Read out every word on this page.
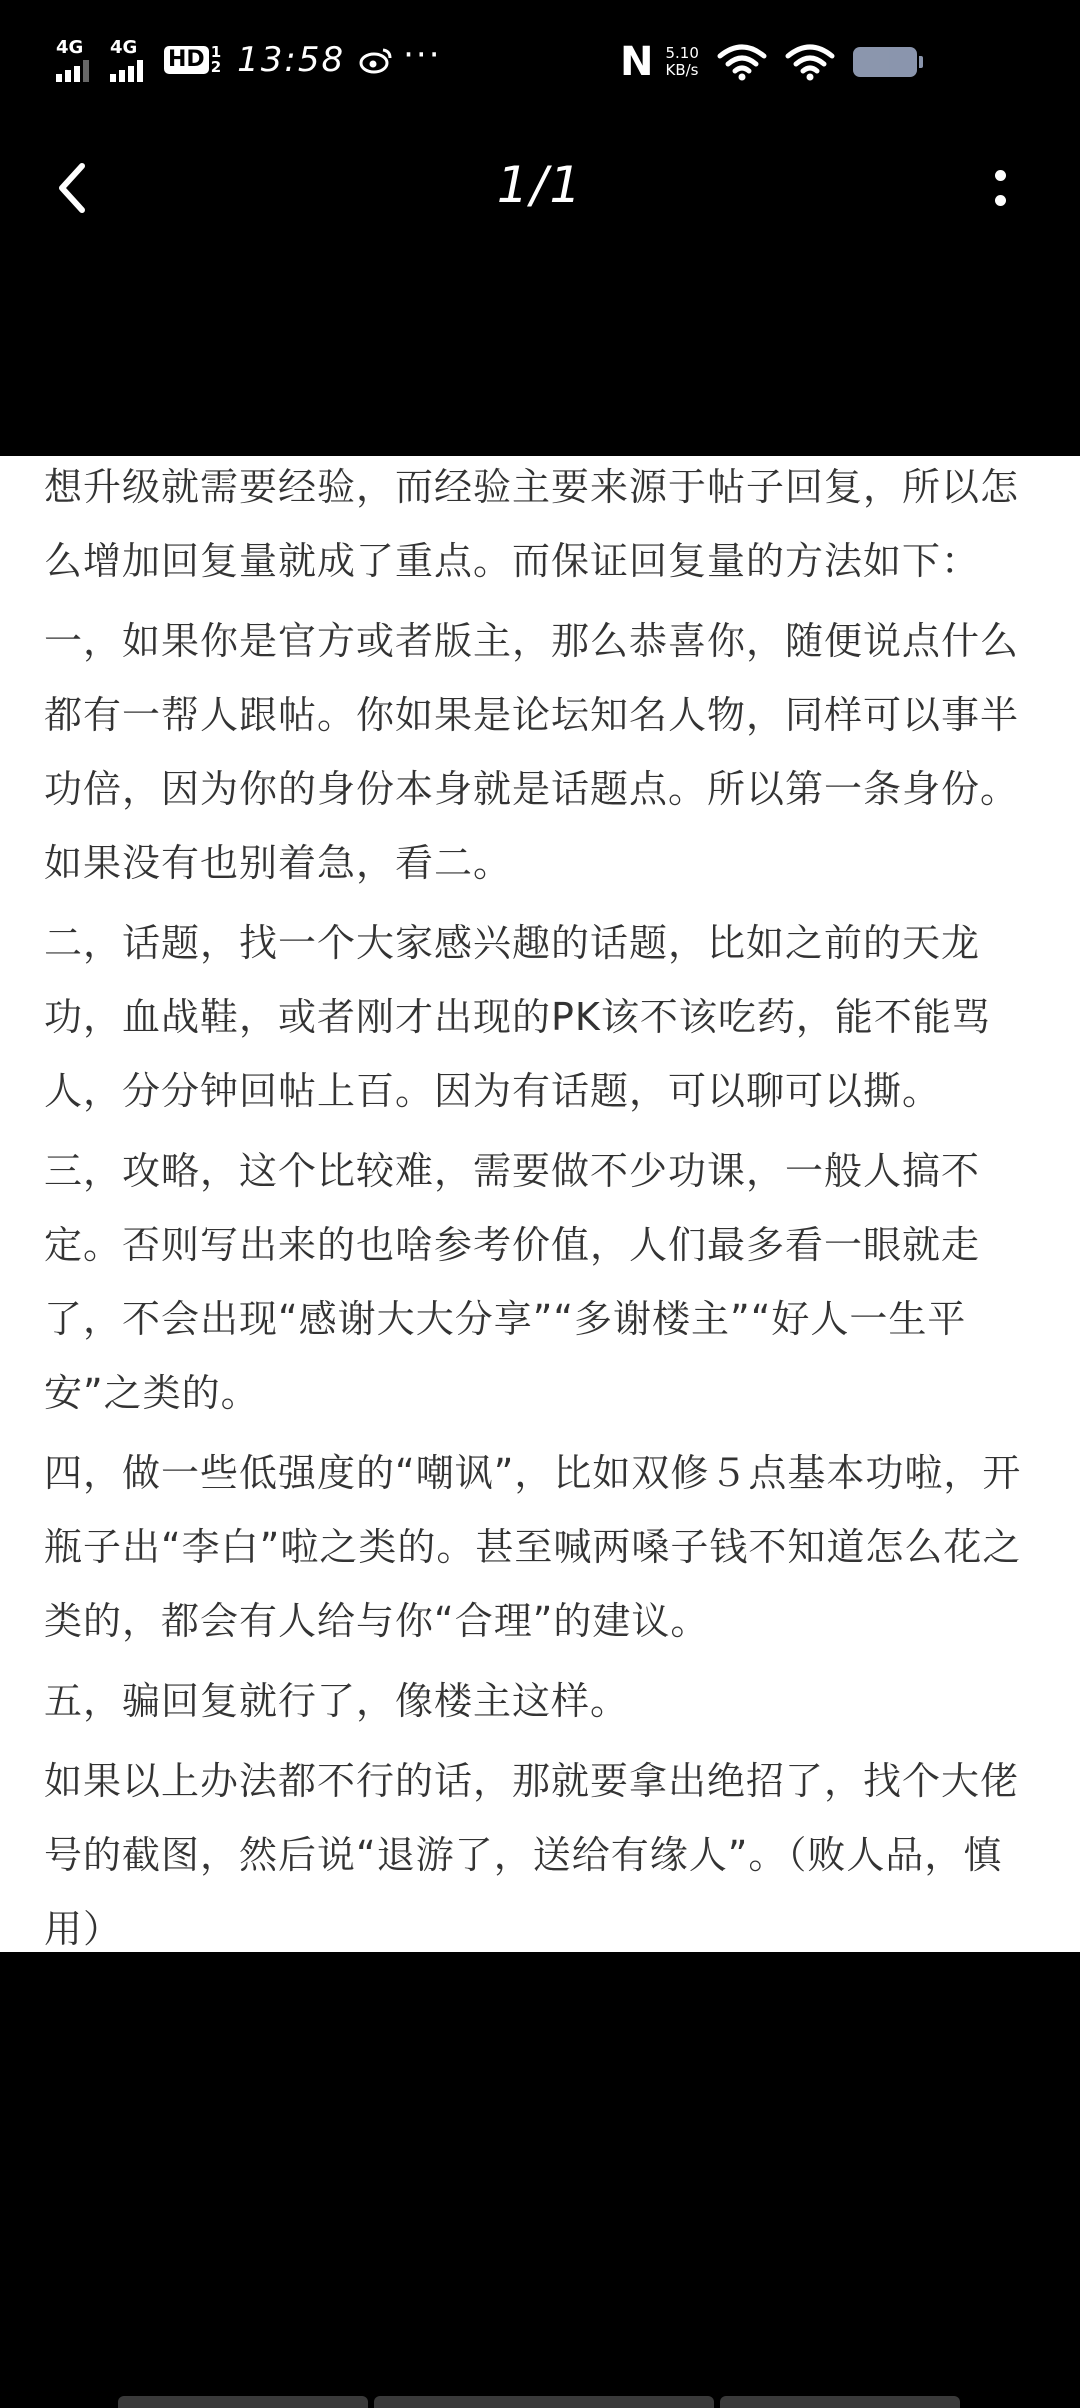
4G 4G HD 1
2 13:58 ···	N 5.10
KB/s
1/1

想升级就需要经验，而经验主要来源于帖子回复，所以怎么增加回复量就成了重点。而保证回复量的方法如下：

一，如果你是官方或者版主，那么恭喜你，随便说点什么都有一帮人跟帖。你如果是论坛知名人物，同样可以事半功倍，因为你的身份本身就是话题点。所以第一条身份。如果没有也别着急，看二。

二，话题，找一个大家感兴趣的话题，比如之前的天龙功，血战鞋，或者刚才出现的PK该不该吃药，能不能骂人，分分钟回帖上百。因为有话题，可以聊可以撕。

三，攻略，这个比较难，需要做不少功课，一般人搞不定。否则写出来的也啥参考价值，人们最多看一眼就走了，不会出现“感谢大大分享”“多谢楼主”“好人一生平安”之类的。

四，做一些低强度的“嘲讽”，比如双修５点基本功啦，开瓶子出“李白”啦之类的。甚至喊两嗓子钱不知道怎么花之类的，都会有人给与你“合理”的建议。

五，骗回复就行了，像楼主这样。

如果以上办法都不行的话，那就要拿出绝招了，找个大佬号的截图，然后说“退游了，送给有缘人”。（败人品，慎用）
